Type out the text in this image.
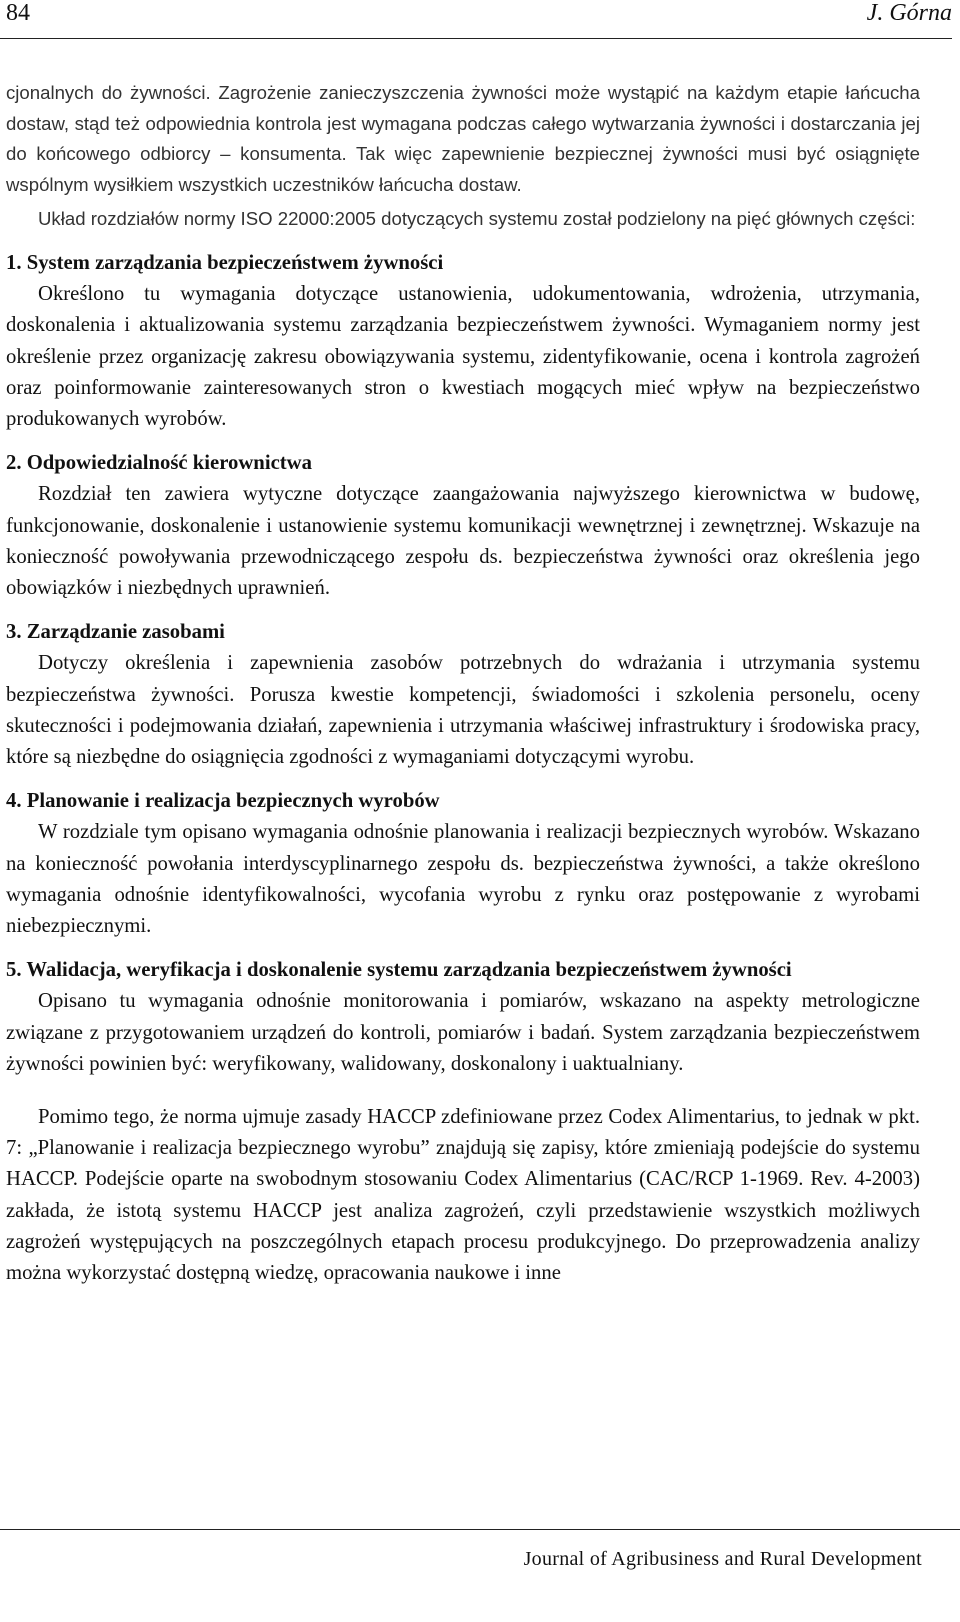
84	J. Górna

cjonalnych do żywności. Zagrożenie zanieczyszczenia żywności może wystąpić na każdym etapie łańcucha dostaw, stąd też odpowiednia kontrola jest wymagana podczas całego wytwarzania żywności i dostarczania jej do końcowego odbiorcy – konsumenta. Tak więc zapewnienie bezpiecznej żywności musi być osiągnięte wspólnym wysiłkiem wszystkich uczestników łańcucha dostaw.

Układ rozdziałów normy ISO 22000:2005 dotyczących systemu został podzielony na pięć głównych części:

1. System zarządzania bezpieczeństwem żywności

Określono tu wymagania dotyczące ustanowienia, udokumentowania, wdrożenia, utrzymania, doskonalenia i aktualizowania systemu zarządzania bezpieczeństwem żywności. Wymaganiem normy jest określenie przez organizację zakresu obowiązywania systemu, zidentyfikowanie, ocena i kontrola zagrożeń oraz poinformowanie zainteresowanych stron o kwestiach mogących mieć wpływ na bezpieczeństwo produkowanych wyrobów.

2. Odpowiedzialność kierownictwa

Rozdział ten zawiera wytyczne dotyczące zaangażowania najwyższego kierownictwa w budowę, funkcjonowanie, doskonalenie i ustanowienie systemu komunikacji wewnętrznej i zewnętrznej. Wskazuje na konieczność powoływania przewodniczącego zespołu ds. bezpieczeństwa żywności oraz określenia jego obowiązków i niezbędnych uprawnień.

3. Zarządzanie zasobami

Dotyczy określenia i zapewnienia zasobów potrzebnych do wdrażania i utrzymania systemu bezpieczeństwa żywności. Porusza kwestie kompetencji, świadomości i szkolenia personelu, oceny skuteczności i podejmowania działań, zapewnienia i utrzymania właściwej infrastruktury i środowiska pracy, które są niezbędne do osiągnięcia zgodności z wymaganiami dotyczącymi wyrobu.

4. Planowanie i realizacja bezpiecznych wyrobów

W rozdziale tym opisano wymagania odnośnie planowania i realizacji bezpiecznych wyrobów. Wskazano na konieczność powołania interdyscyplinarnego zespołu ds. bezpieczeństwa żywności, a także określono wymagania odnośnie identyfikowalności, wycofania wyrobu z rynku oraz postępowanie z wyrobami niebezpiecznymi.

5. Walidacja, weryfikacja i doskonalenie systemu zarządzania bezpieczeństwem żywności

Opisano tu wymagania odnośnie monitorowania i pomiarów, wskazano na aspekty metrologiczne związane z przygotowaniem urządzeń do kontroli, pomiarów i badań. System zarządzania bezpieczeństwem żywności powinien być: weryfikowany, walidowany, doskonalony i uaktualniany.

Pomimo tego, że norma ujmuje zasady HACCP zdefiniowane przez Codex Alimentarius, to jednak w pkt. 7: „Planowanie i realizacja bezpiecznego wyrobu” znajdują się zapisy, które zmieniają podejście do systemu HACCP. Podejście oparte na swobodnym stosowaniu Codex Alimentarius (CAC/RCP 1-1969. Rev. 4-2003) zakłada, że istotą systemu HACCP jest analiza zagrożeń, czyli przedstawienie wszystkich możliwych zagrożeń występujących na poszczególnych etapach procesu produkcyjnego. Do przeprowadzenia analizy można wykorzystać dostępną wiedzę, opracowania naukowe i inne

Journal of Agribusiness and Rural Development
